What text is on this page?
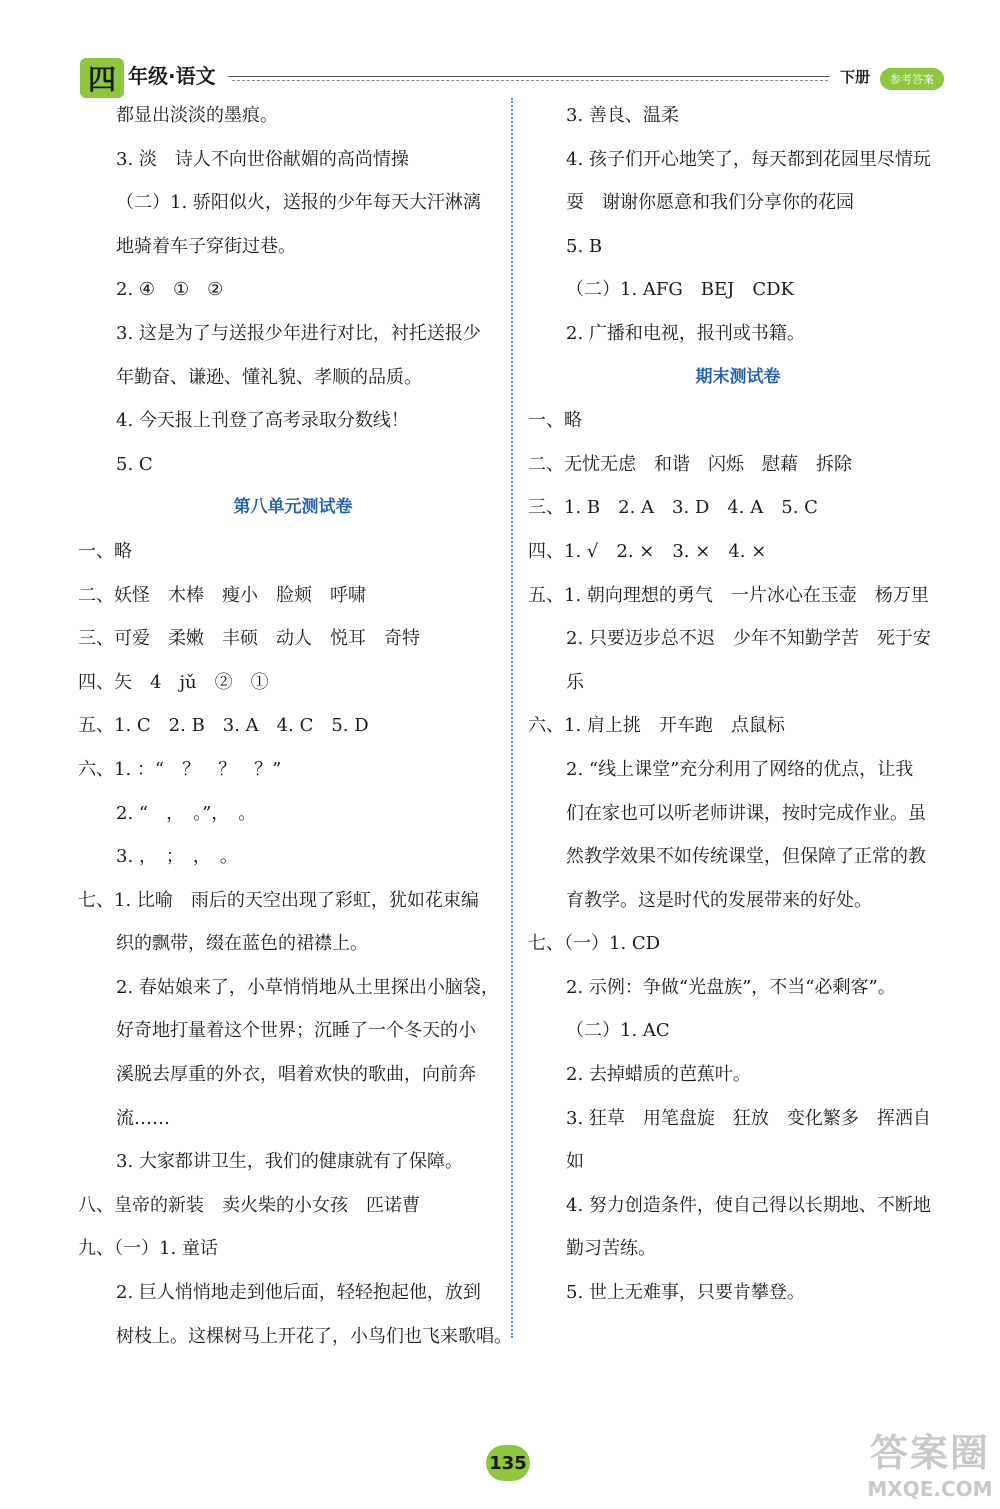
四 年级·语文	下册	参考答案
都显出淡淡的墨痕。
3. 淡　诗人不向世俗献媚的高尚情操
（二）1. 骄阳似火，送报的少年每天大汗淋漓
地骑着车子穿街过巷。
2. ④　①　②
3. 这是为了与送报少年进行对比，衬托送报少
年勤奋、谦逊、懂礼貌、孝顺的品质。
4. 今天报上刊登了高考录取分数线！
5. C
第八单元测试卷
一、略
二、妖怪　木棒　瘦小　脸颊　呼啸
三、可爱　柔嫩　丰硕　动人　悦耳　奇特
四、矢　4　jǔ　②　①
五、1. C　2. B　3. A　4. C　5. D
六、1. ：“　？　？　？”
2. “　，　。”，　。
3. ，　；　，　。
七、1. 比喻　雨后的天空出现了彩虹，犹如花束编
织的飘带，缀在蓝色的裙襟上。
2. 春姑娘来了，小草悄悄地从土里探出小脑袋，
好奇地打量着这个世界；沉睡了一个冬天的小
溪脱去厚重的外衣，唱着欢快的歌曲，向前奔
流……
3. 大家都讲卫生，我们的健康就有了保障。
八、皇帝的新装　卖火柴的小女孩　匹诺曹
九、（一）1. 童话
2. 巨人悄悄地走到他后面，轻轻抱起他，放到
树枝上。这棵树马上开花了，小鸟们也飞来歌唱。
3. 善良、温柔
4. 孩子们开心地笑了，每天都到花园里尽情玩
耍　谢谢你愿意和我们分享你的花园
5. B
（二）1. AFG　BEJ　CDK
2. 广播和电视，报刊或书籍。
期末测试卷
一、略
二、无忧无虑　和谐　闪烁　慰藉　拆除
三、1. B　2. A　3. D　4. A　5. C
四、1. √　2. ×　3. ×　4. ×
五、1. 朝向理想的勇气　一片冰心在玉壶　杨万里
2. 只要迈步总不迟　少年不知勤学苦　死于安
乐
六、1. 肩上挑　开车跑　点鼠标
2. “线上课堂”充分利用了网络的优点，让我
们在家也可以听老师讲课，按时完成作业。虽
然教学效果不如传统课堂，但保障了正常的教
育教学。这是时代的发展带来的好处。
七、（一）1. CD
2. 示例：争做“光盘族”，不当“必剩客”。
（二）1. AC
2. 去掉蜡质的芭蕉叶。
3. 狂草　用笔盘旋　狂放　变化繁多　挥洒自
如
4. 努力创造条件，使自己得以长期地、不断地
勤习苦练。
5. 世上无难事，只要肯攀登。
135	答案圈
MXQE.COM
